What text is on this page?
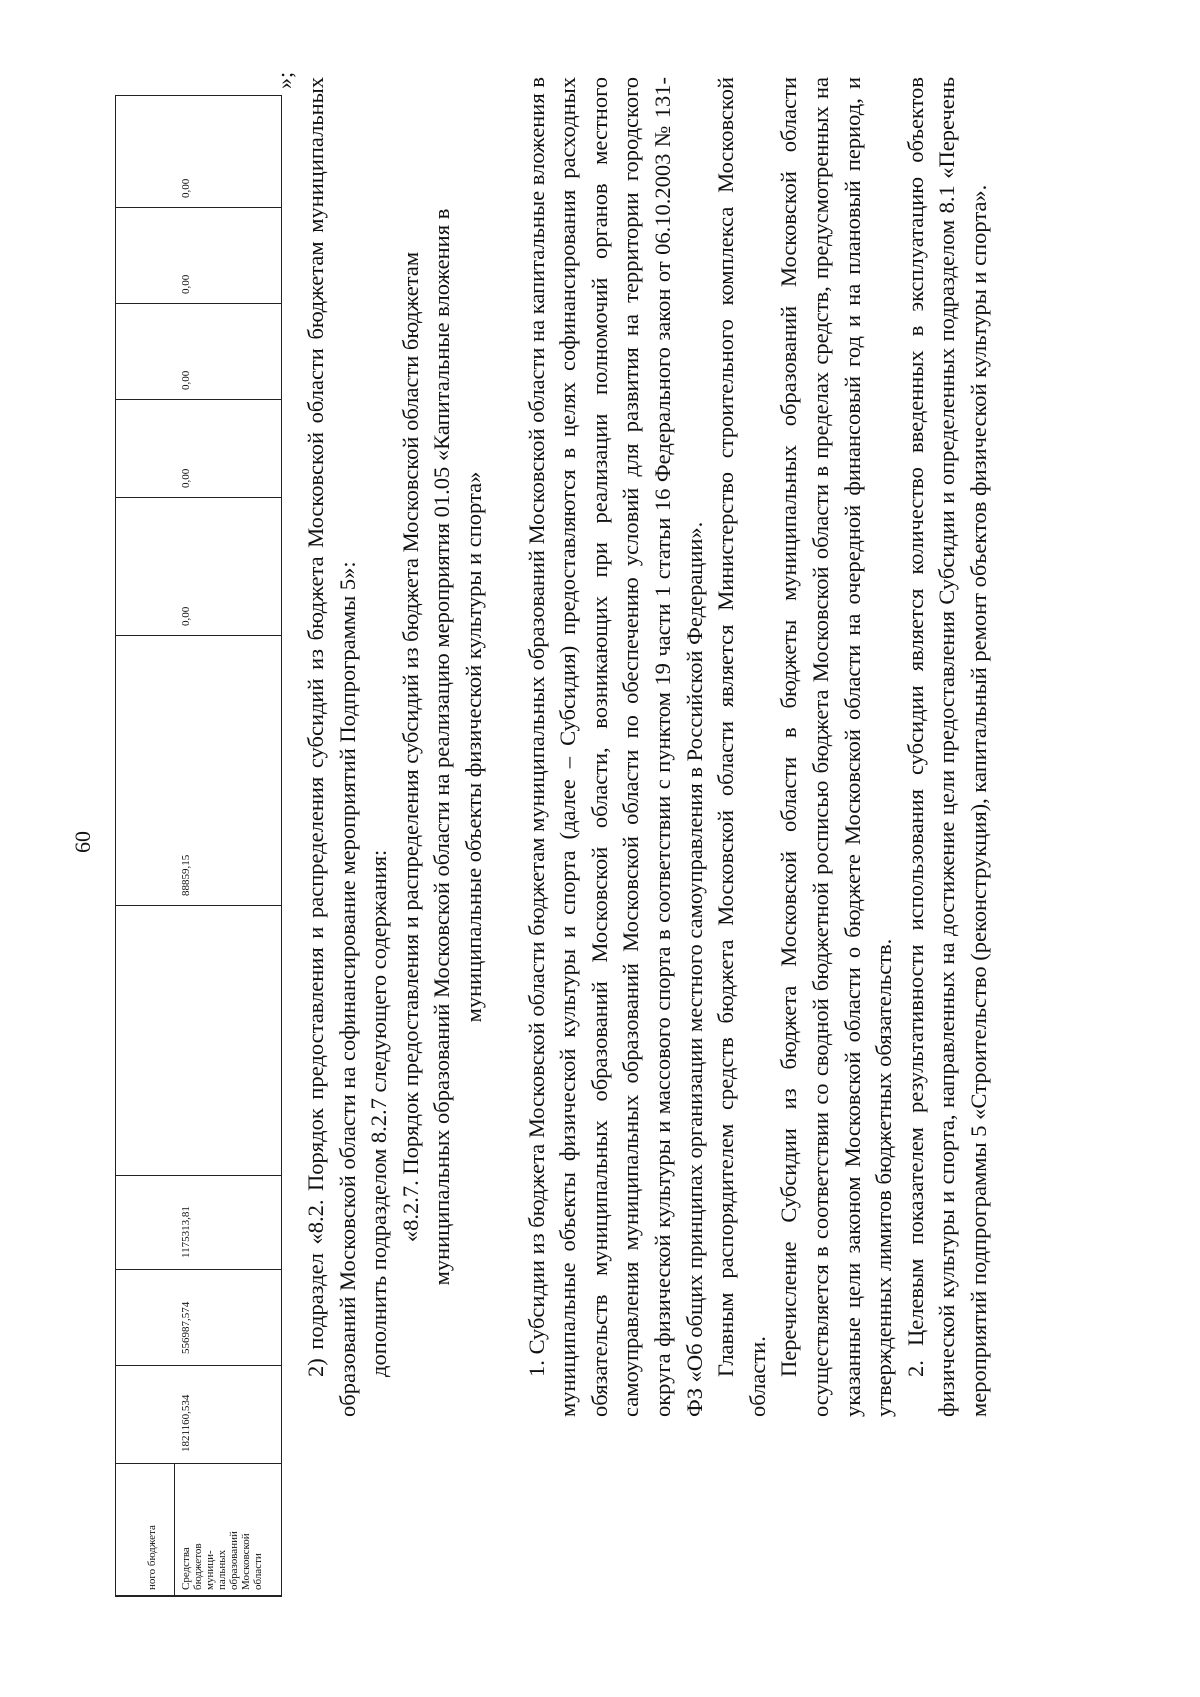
60
ного бюджета Средства бюджетов муници-пальных образований Московской области
1821160,534
556987,574
1175313,81
88859,15
0,00
0,00
0,00
0,00
0,00
»; 2) подраздел «8.2. Порядок предоставления и распределения субсидий из бюджета Московской области бюджетам муниципальных образований Московской области на софинансирование мероприятий Подпрограммы 5»: дополнить подразделом 8.2.7 следующего содержания: «8.2.7. Порядок предоставления и распределения субсидий из бюджета Московской области бюджетам муниципальных образований Московской области на реализацию мероприятия 01.05 «Капитальные вложения в муниципальные объекты физической культуры и спорта» 1. Субсидии из бюджета Московской области бюджетам муниципальных образований Московской области на капитальные вложения в муниципальные объекты физической культуры и спорта (далее – Субсидия) предоставляются в целях софинансирования расходных обязательств муниципальных образований Московской области, возникающих при реализации полномочий органов местного самоуправления муниципальных образований Московской области по обеспечению условий для развития на территории городского округа физической культуры и массового спорта в соответствии с пунктом 19 части 1 статьи 16 Федерального закон от 06.10.2003 № 131-ФЗ «Об общих принципах организации местного самоуправления в Российской Федерации». Главным распорядителем средств бюджета Московской области является Министерство строительного комплекса Московской области. Перечисление Субсидии из бюджета Московской области в бюджеты муниципальных образований Московской области осуществляется в соответствии со сводной бюджетной росписью бюджета Московской области в пределах средств, предусмотренных на указанные цели законом Московской области о бюджете Московской области на очередной финансовый год и на плановый период, и утвержденных лимитов бюджетных обязательств. 2. Целевым показателем результативности использования субсидии является количество введенных в эксплуатацию объектов физической культуры и спорта, направленных на достижение цели предоставления Субсидии и определенных подразделом 8.1 «Перечень мероприятий подпрограммы 5 «Строительство (реконструкция), капитальный ремонт объектов физической культуры и спорта».
